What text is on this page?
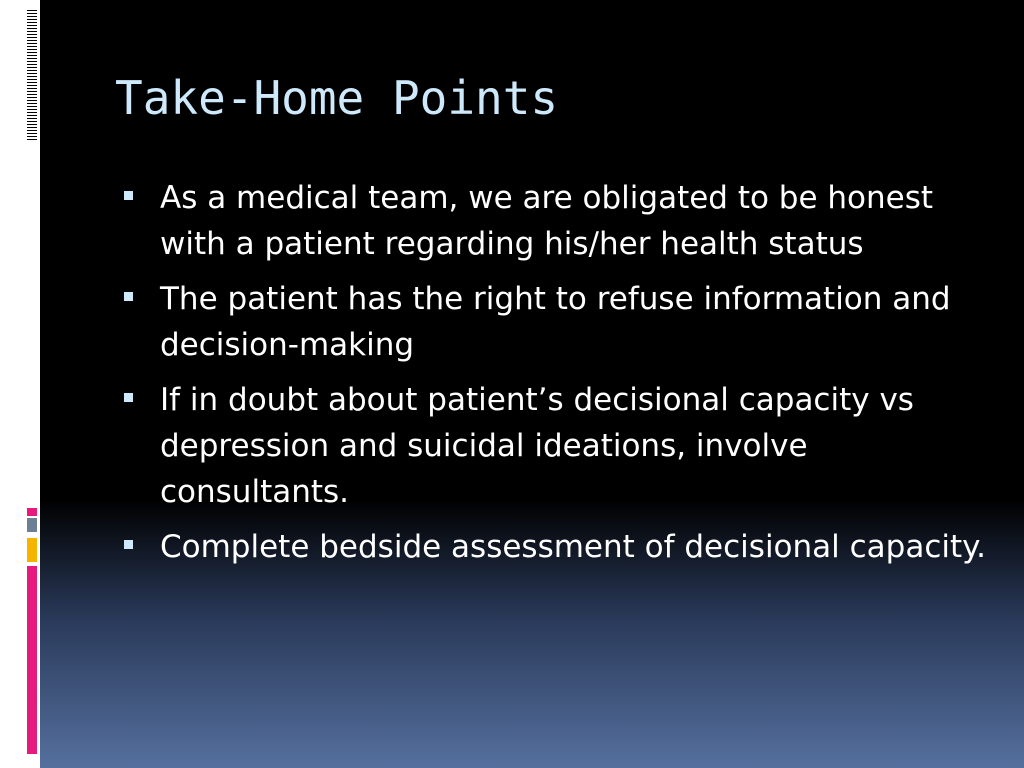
Take-Home Points
As a medical team, we are obligated to be honest with a patient regarding his/her health status
The patient has the right to refuse information and decision-making
If in doubt about patient’s decisional capacity vs depression and suicidal ideations, involve consultants.
Complete bedside assessment of decisional capacity.
